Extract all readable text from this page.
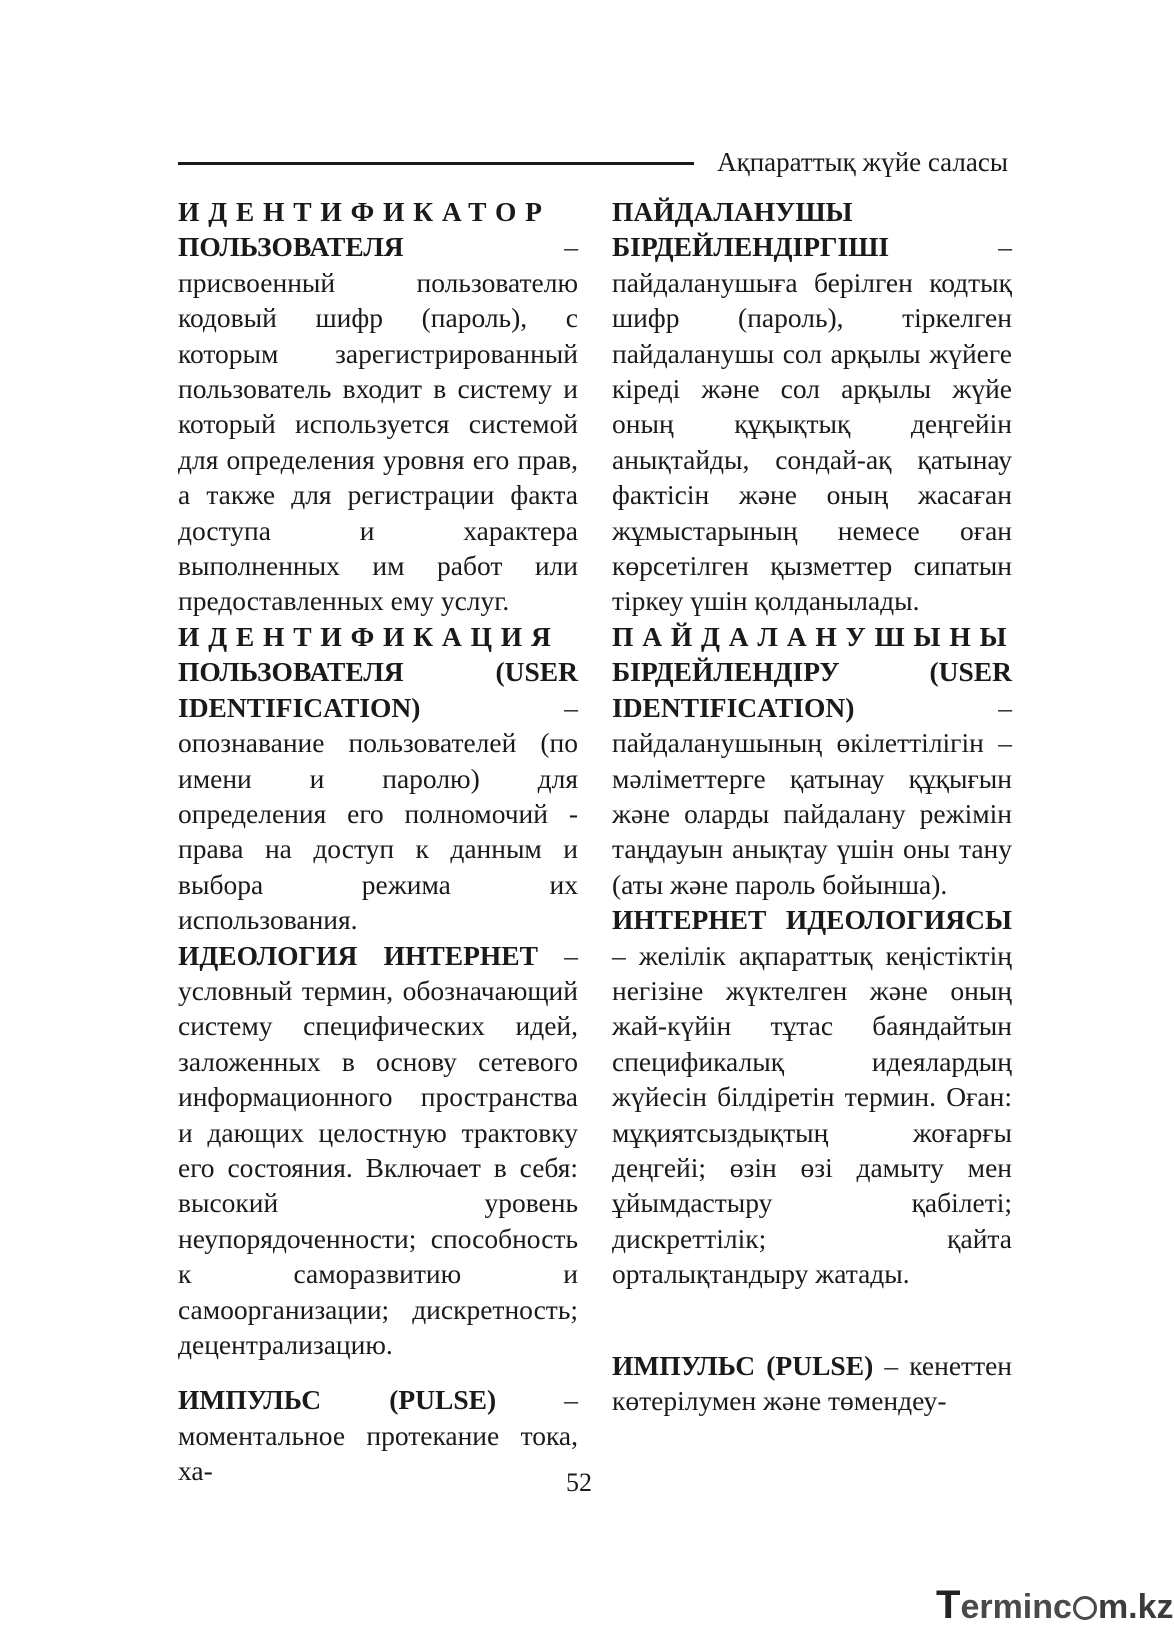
Ақпараттық жүйе саласы

ИДЕНТИФИКАТОР
ПОЛЬЗОВАТЕЛЯ – присвоенный пользователю кодовый шифр (пароль), с которым зарегистрированный пользователь входит в систему и который используется системой для определения уровня его прав, а также для регистрации факта доступа и характера выполненных им работ или предоставленных ему услуг.

ИДЕНТИФИКАЦИЯ
ПОЛЬЗОВАТЕЛЯ (USER IDENTIFICATION) – опознавание пользователей (по имени и паролю) для определения его полномочий - права на доступ к данным и выбора режима их использования.

ИДЕОЛОГИЯ ИНТЕРНЕТ – условный термин, обозначающий систему специфических идей, заложенных в основу сетевого информационного пространства и дающих целостную трактовку его состояния. Включает в себя: высокий уровень неупорядоченности; способность к саморазвитию и самоорганизации; дискретность; децентрализацию.

ИМПУЛЬС (PULSE) – моментальное протекание тока, ха-

ПАЙДАЛАНУШЫ БІРДЕЙЛЕНДІРГІШІ – пайдаланушыға берілген кодтық шифр (пароль), тіркелген пайдаланушы сол арқылы жүйеге кіреді және сол арқылы жүйе оның құқықтық деңгейін анықтайды, сондай-ақ қатынау фактісін және оның жасаған жұмыстарының немесе оған көрсетілген қызметтер сипатын тіркеу үшін қолданылады.

ПАЙДАЛАНУШЫНЫ
БІРДЕЙЛЕНДІРУ (USER IDENTIFICATION) – пайдаланушының өкілеттілігін – мәліметтерге қатынау құқығын және оларды пайдалану режімін таңдауын анықтау үшін оны тану (аты және пароль бойынша).

ИНТЕРНЕТ ИДЕОЛОГИЯСЫ – желілік ақпараттық кеңістіктің негізіне жүктелген және оның жай-күйін тұтас баяндайтын спецификалық идеялардың жүйесін білдіретін термин. Оған: мұқиятсыздықтың жоғарғы деңгейі; өзін өзі дамыту мен ұйымдастыру қабілеті; дискреттілік; қайта орталықтандыру жатады.

ИМПУЛЬС (PULSE) – кенеттен көтерілумен және төмендеу-

52
Terminc m.kz
